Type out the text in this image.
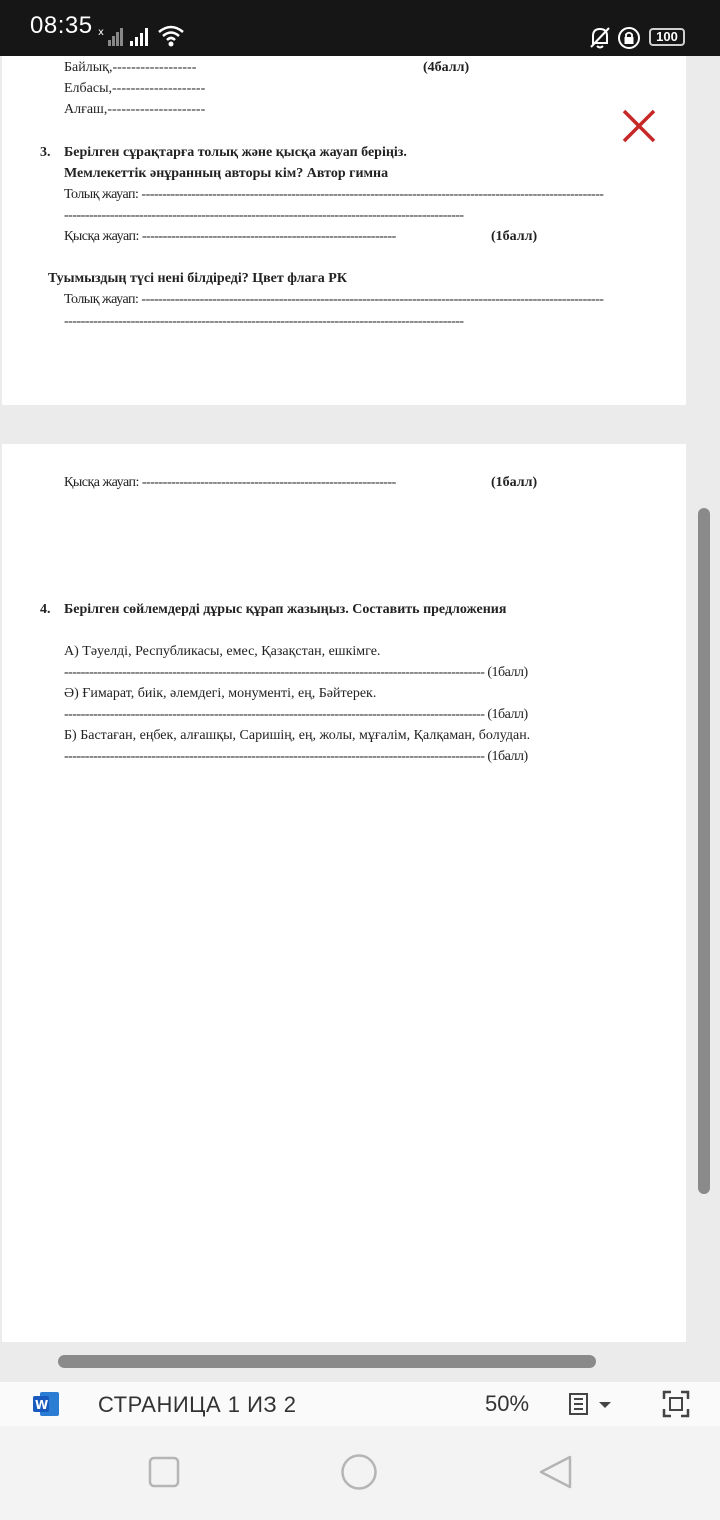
08:35 x	100
Байлық,------------------	(4балл)
Елбасы,--------------------
Алғаш,---------------------
3. Берілген сұрақтарға толық және қысқа жауап беріңіз.
Мемлекеттік әнұранның авторы кім? Автор гимна
Толық жауап: ---------------------------------------------------------------------------------------------------------------
------------------------------------------------------------------------------------------------
Қысқа жауап: -------------------------------------------------------------	(1балл)
Туымыздың түсі нені білдіреді? Цвет флага РК
Толық жауап: ---------------------------------------------------------------------------------------------------------------
------------------------------------------------------------------------------------------------
Қысқа жауап: -------------------------------------------------------------	(1балл)
4. Берілген сөйлемдерді дұрыс құрап жазыңыз. Составить предложения
А) Тәуелді, Республикасы, емес, Қазақстан, ешкімге.
----------------------------------------------------------------------------------------------------- (1балл)
Ә) Ғимарат, биік, әлемдегі, монументі, ең, Бәйтерек.
----------------------------------------------------------------------------------------------------- (1балл)
Б) Бастаған, еңбек, алғашқы, Саришің, ең, жолы, мұғалім, Қалқаман, болудан.
----------------------------------------------------------------------------------------------------- (1балл)
W СТРАНИЦА 1 ИЗ 2	50%
